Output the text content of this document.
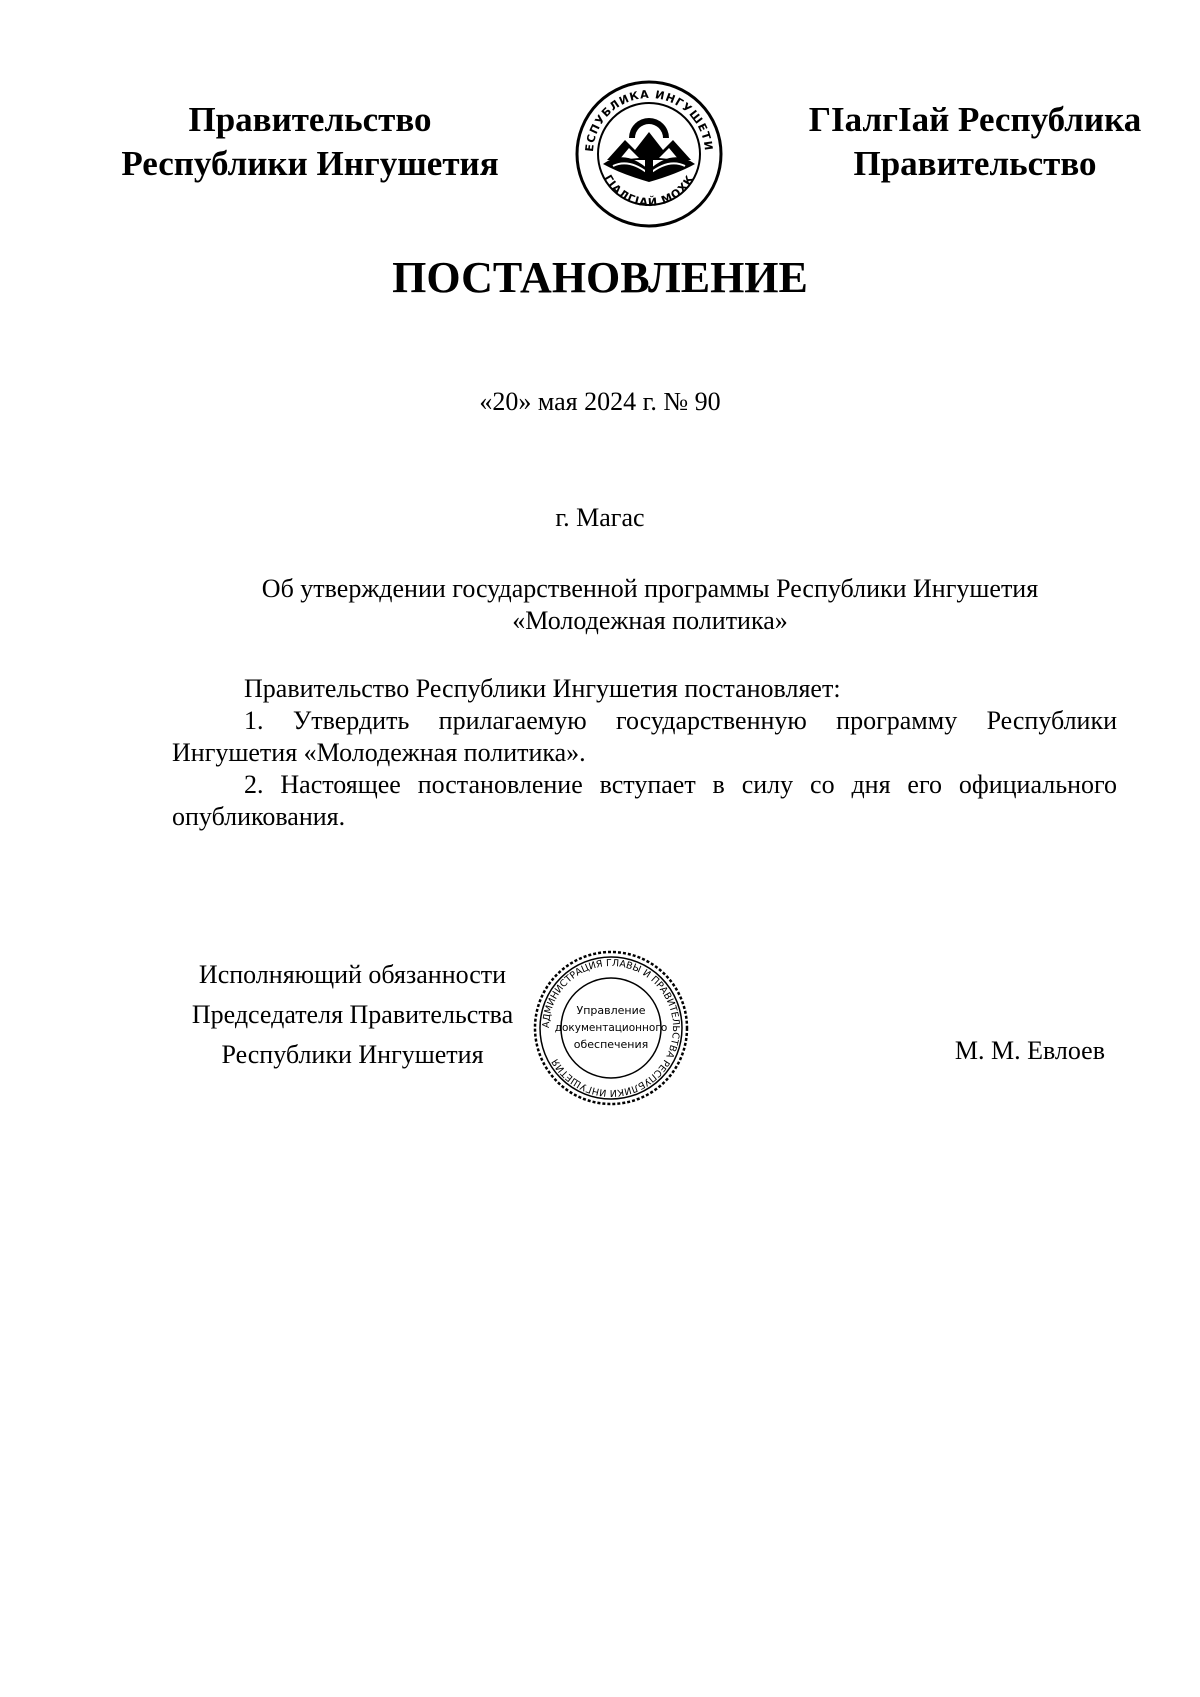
Правительство
Республики Ингушетия	ЕСПУБЛИКА ИНГУШЕТИ
ГIАЛГIАЙ МОХК
ГIалгIай Республика
Правительство
ПОСТАНОВЛЕНИЕ
«20» мая 2024 г. № 90
г. Магас
Об утверждении государственной программы Республики Ингушетия
«Молодежная политика»

Правительство Республики Ингушетия постановляет:

1. Утвердить прилагаемую государственную программу Республики Ингушетия «Молодежная политика».

2. Настоящее постановление вступает в силу со дня его официального опубликования.

Исполняющий обязанности
Председателя Правительства
Республики Ингушетия
АДМИНИСТРАЦИЯ ГЛАВЫ И ПРАВИТЕЛЬСТВА РЕСПУБЛИКИ ИНГУШЕТИЯ
Управление
документационного
обеспечения	М. М. Евлоев
